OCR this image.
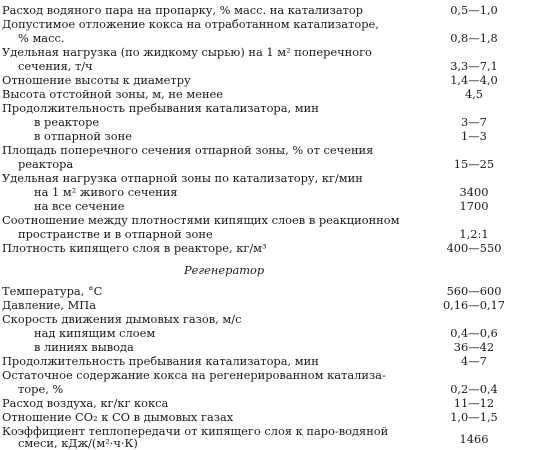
Расход водяного пара на пропарку, % масс. на катализатор	0,5—1,0
Допустимое отложение кокса на отработанном катализаторе,
% масс.	0,8—1,8
Удельная нагрузка (по жидкому сырью) на 1 м² поперечного
сечения, т/ч	3,3—7,1
Отношение высоты к диаметру	1,4—4,0
Высота отстойной зоны, м, не менее	4,5
Продолжительность пребывания катализатора, мин
в реакторе	3—7
в отпарной зоне	1—3
Площадь поперечного сечения отпарной зоны, % от сечения
реактора	15—25
Удельная нагрузка отпарной зоны по катализатору, кг/мин
на 1 м² живого сечения	3400
на все сечение	1700
Соотношение между плотностями кипящих слоев в реакционном
пространстве и в отпарной зоне	1,2:1
Плотность кипящего слоя в реакторе, кг/м³	400—550
Регенератор
Температура, °С	560—600
Давление, МПа	0,16—0,17
Скорость движения дымовых газов, м/с
над кипящим слоем	0,4—0,6
в линиях вывода	36—42
Продолжительность пребывания катализатора, мин	4—7
Остаточное содержание кокса на регенерированном катализа-
торе, %	0,2—0,4
Расход воздуха, кг/кг кокса	11—12
Отношение CO₂ к CO в дымовых газах	1,0—1,5
Коэффициент теплопередачи от кипящего слоя к паро-водяной
смеси, кДж/(м²·ч·К)	1466
